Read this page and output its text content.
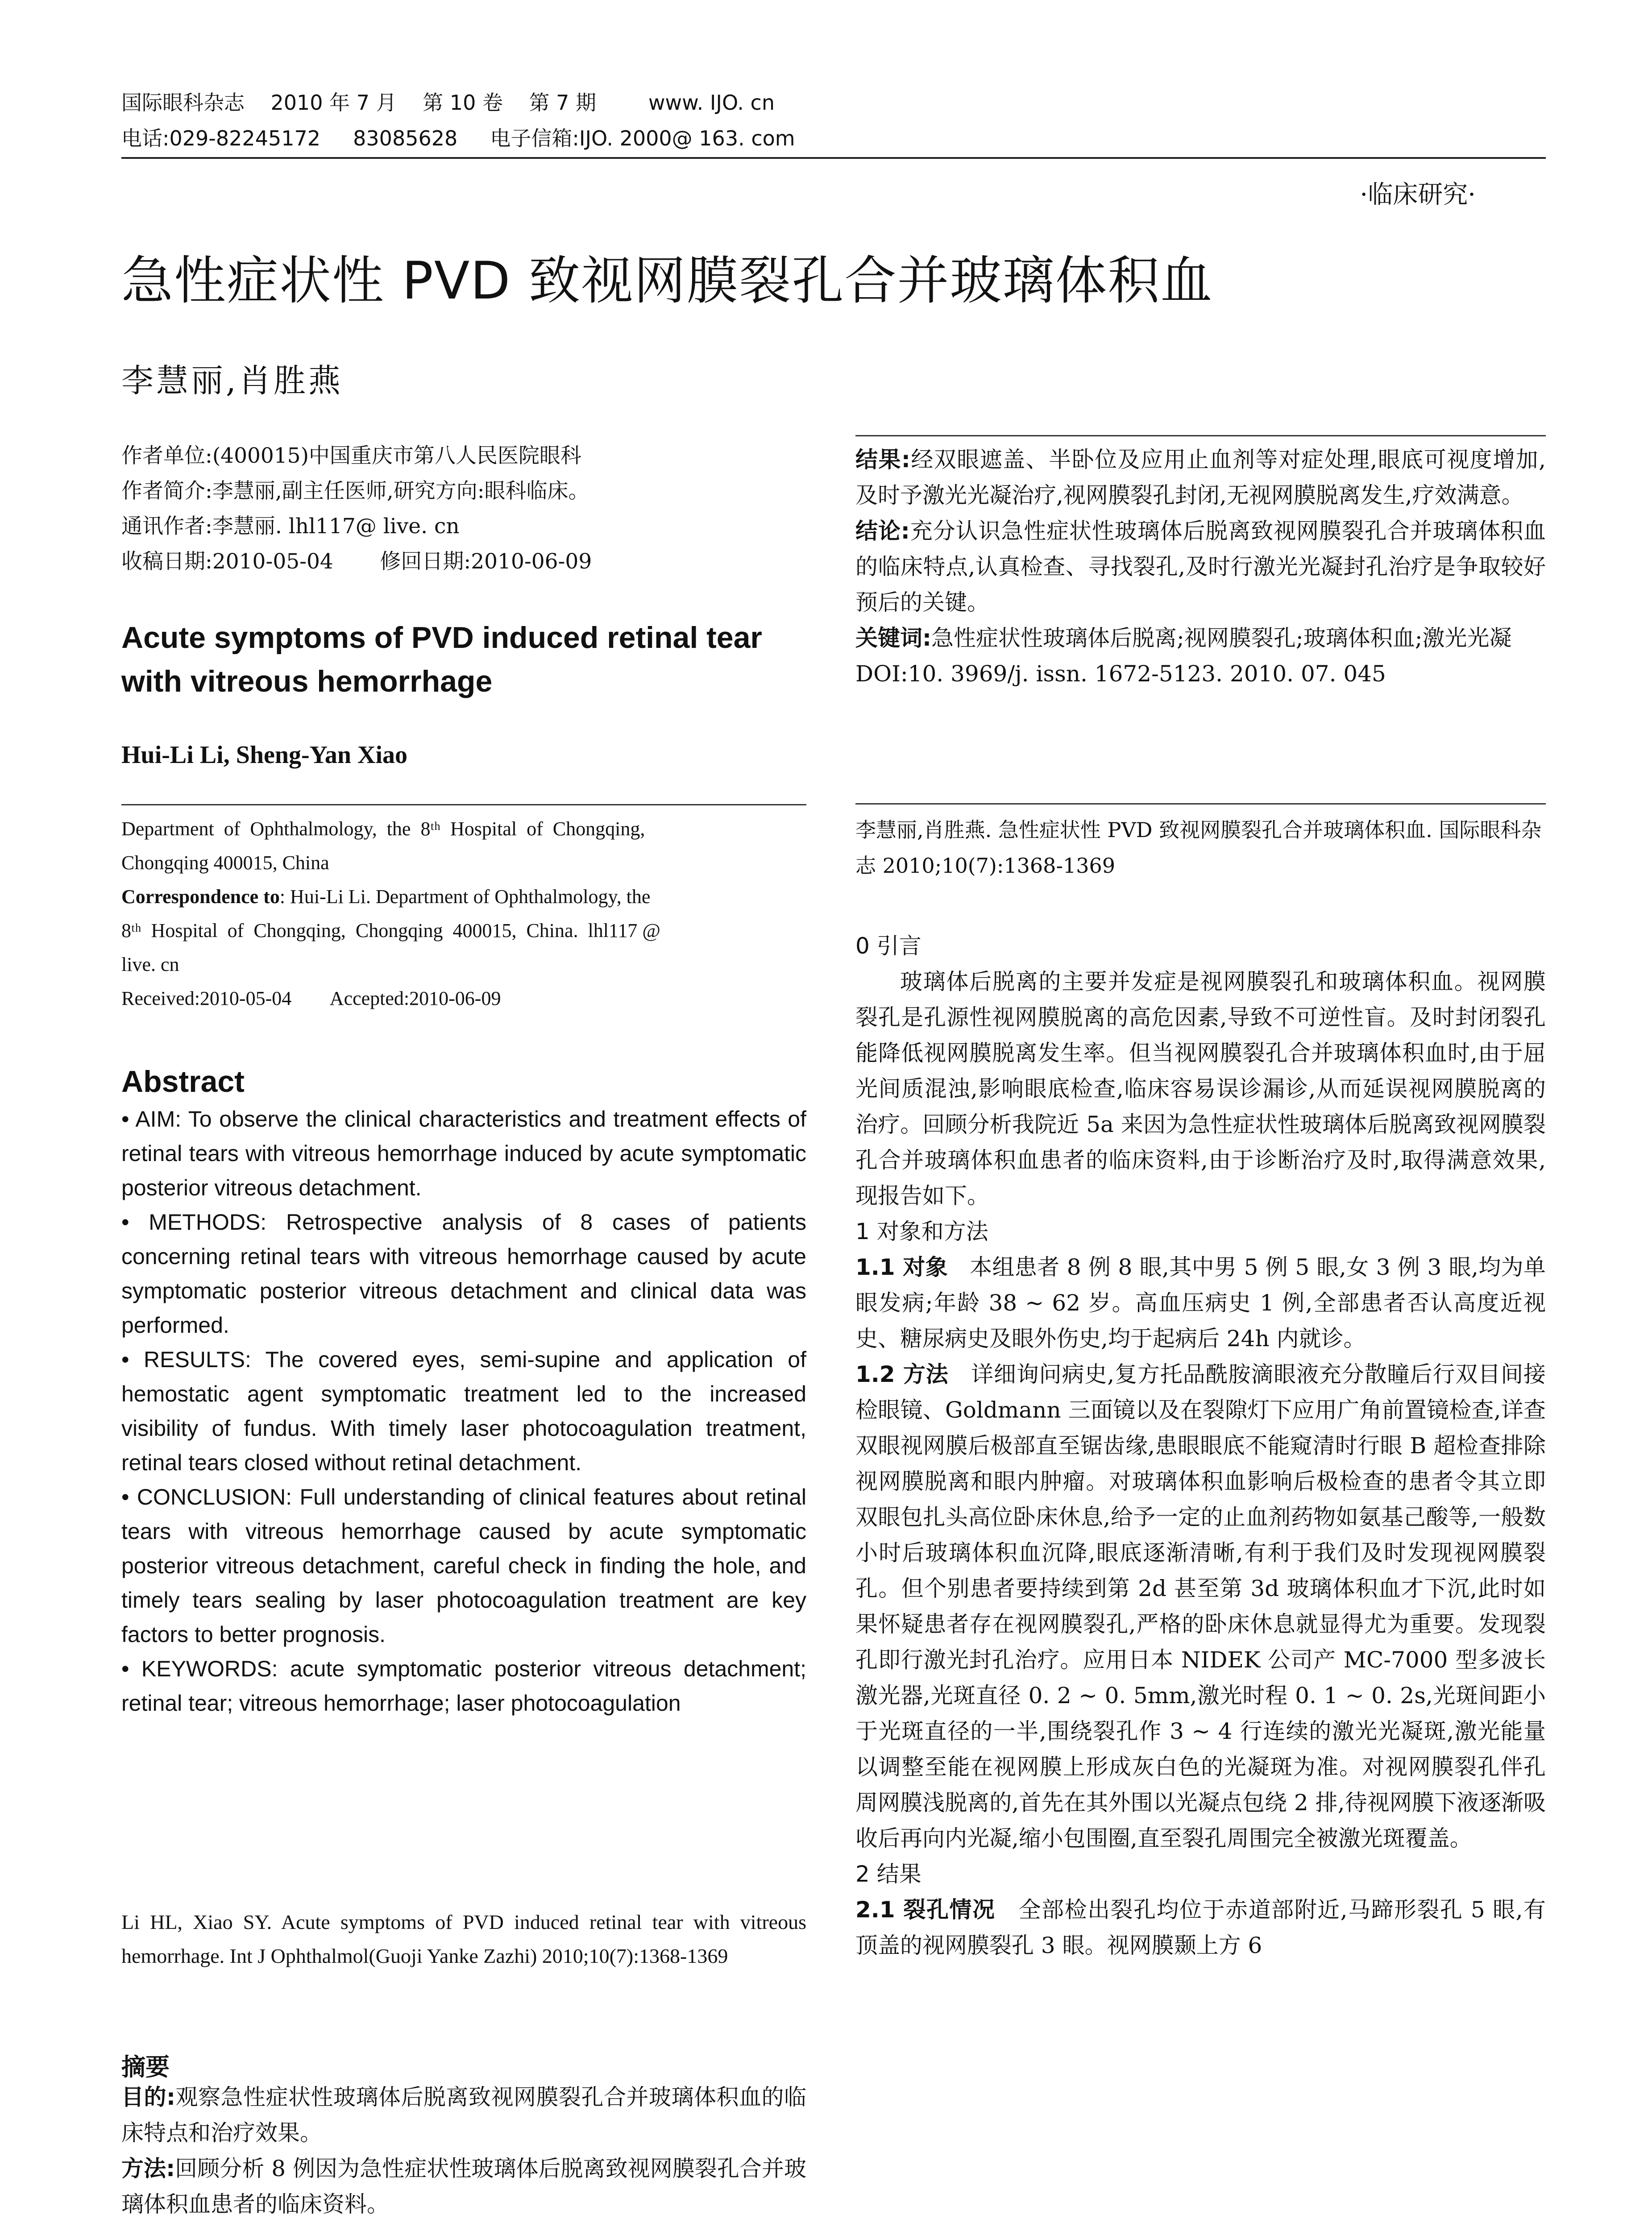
国际眼科杂志    2010 年 7 月    第 10 卷    第 7 期        www. IJO. cn
电话:029-82245172     83085628     电子信箱:IJO. 2000@ 163. com
·临床研究·
急性症状性 PVD 致视网膜裂孔合并玻璃体积血
李慧丽,肖胜燕

作者单位:(400015)中国重庆市第八人民医院眼科

作者简介:李慧丽,副主任医师,研究方向:眼科临床。

通讯作者:李慧丽. lhl117@ live. cn

收稿日期:2010-05-04       修回日期:2010-06-09

Acute symptoms of PVD induced retinal tear with vitreous hemorrhage
Hui-Li Li, Sheng-Yan Xiao

Department  of  Ophthalmology,  the  8ᵗʰ  Hospital  of  Chongqing,

Chongqing 400015, China

Correspondence to: Hui-Li Li. Department of Ophthalmology, the

8ᵗʰ  Hospital  of  Chongqing,  Chongqing  400015,  China.  lhl117 @

live. cn

Received:2010-05-04        Accepted:2010-06-09

Abstract

• AIM: To observe the clinical characteristics and treatment effects of retinal tears with vitreous hemorrhage induced by acute symptomatic posterior vitreous detachment.

• METHODS: Retrospective analysis of 8 cases of patients concerning retinal tears with vitreous hemorrhage caused by acute symptomatic posterior vitreous detachment and clinical data was performed.

• RESULTS: The covered eyes, semi-supine and application of hemostatic agent symptomatic treatment led to the increased visibility of fundus. With timely laser photocoagulation treatment, retinal tears closed without retinal detachment.

• CONCLUSION: Full understanding of clinical features about retinal tears with vitreous hemorrhage caused by acute symptomatic posterior vitreous detachment, careful check in finding the hole, and timely tears sealing by laser photocoagulation treatment are key factors to better prognosis.

• KEYWORDS: acute symptomatic posterior vitreous detachment; retinal tear; vitreous hemorrhage; laser photocoagulation

Li HL, Xiao SY. Acute symptoms of PVD induced retinal tear with vitreous hemorrhage. Int J Ophthalmol(Guoji Yanke Zazhi) 2010;10(7):1368-1369
摘要

目的:观察急性症状性玻璃体后脱离致视网膜裂孔合并玻璃体积血的临床特点和治疗效果。

方法:回顾分析 8 例因为急性症状性玻璃体后脱离致视网膜裂孔合并玻璃体积血患者的临床资料。

结果:经双眼遮盖、半卧位及应用止血剂等对症处理,眼底可视度增加,及时予激光光凝治疗,视网膜裂孔封闭,无视网膜脱离发生,疗效满意。

结论:充分认识急性症状性玻璃体后脱离致视网膜裂孔合并玻璃体积血的临床特点,认真检查、寻找裂孔,及时行激光光凝封孔治疗是争取较好预后的关键。

关键词:急性症状性玻璃体后脱离;视网膜裂孔;玻璃体积血;激光光凝

DOI:10. 3969/j. issn. 1672-5123. 2010. 07. 045

李慧丽,肖胜燕. 急性症状性 PVD 致视网膜裂孔合并玻璃体积血. 国际眼科杂志 2010;10(7):1368-1369

0 引言

玻璃体后脱离的主要并发症是视网膜裂孔和玻璃体积血。视网膜裂孔是孔源性视网膜脱离的高危因素,导致不可逆性盲。及时封闭裂孔能降低视网膜脱离发生率。但当视网膜裂孔合并玻璃体积血时,由于屈光间质混浊,影响眼底检查,临床容易误诊漏诊,从而延误视网膜脱离的治疗。回顾分析我院近 5a 来因为急性症状性玻璃体后脱离致视网膜裂孔合并玻璃体积血患者的临床资料,由于诊断治疗及时,取得满意效果,现报告如下。

1 对象和方法

1.1 对象 本组患者 8 例 8 眼,其中男 5 例 5 眼,女 3 例 3 眼,均为单眼发病;年龄 38 ~ 62 岁。高血压病史 1 例,全部患者否认高度近视史、糖尿病史及眼外伤史,均于起病后 24h 内就诊。

1.2 方法 详细询问病史,复方托品酰胺滴眼液充分散瞳后行双目间接检眼镜、Goldmann 三面镜以及在裂隙灯下应用广角前置镜检查,详查双眼视网膜后极部直至锯齿缘,患眼眼底不能窥清时行眼 B 超检查排除视网膜脱离和眼内肿瘤。对玻璃体积血影响后极检查的患者令其立即双眼包扎头高位卧床休息,给予一定的止血剂药物如氨基己酸等,一般数小时后玻璃体积血沉降,眼底逐渐清晰,有利于我们及时发现视网膜裂孔。但个别患者要持续到第 2d 甚至第 3d 玻璃体积血才下沉,此时如果怀疑患者存在视网膜裂孔,严格的卧床休息就显得尤为重要。发现裂孔即行激光封孔治疗。应用日本 NIDEK 公司产 MC-7000 型多波长激光器,光斑直径 0. 2 ~ 0. 5mm,激光时程 0. 1 ~ 0. 2s,光斑间距小于光斑直径的一半,围绕裂孔作 3 ~ 4 行连续的激光光凝斑,激光能量以调整至能在视网膜上形成灰白色的光凝斑为准。对视网膜裂孔伴孔周网膜浅脱离的,首先在其外围以光凝点包绕 2 排,待视网膜下液逐渐吸收后再向内光凝,缩小包围圈,直至裂孔周围完全被激光斑覆盖。

2 结果

2.1 裂孔情况 全部检出裂孔均位于赤道部附近,马蹄形裂孔 5 眼,有顶盖的视网膜裂孔 3 眼。视网膜颞上方 6
